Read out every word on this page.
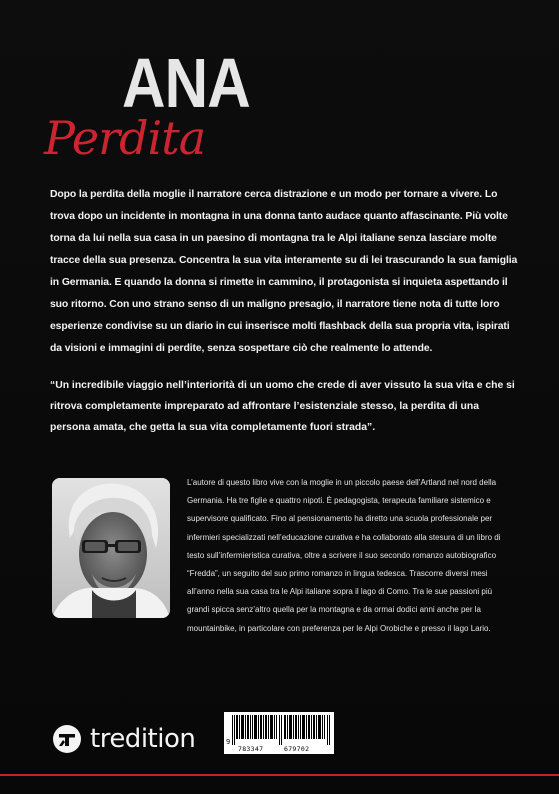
ANA
Perdita

Dopo la perdita della moglie il narratore cerca distrazione e un modo per tornare a vivere. Lo trova dopo un incidente in montagna in una donna tanto audace quanto affascinante. Più volte torna da lui nella sua casa in un paesino di montagna tra le Alpi italiane senza lasciare molte tracce della sua presenza. Concentra la sua vita interamente su di lei trascurando la sua famiglia in Germania. E quando la donna si rimette in cammino, il protagonista si inquieta aspettando il suo ritorno. Con uno strano senso di un maligno presagio, il narratore tiene nota di tutte loro esperienze condivise su un diario in cui inserisce molti flashback della sua propria vita, ispirati da visioni e immagini di perdite, senza sospettare ciò che realmente lo attende.

“Un incredibile viaggio nell’interiorità di un uomo che crede di aver vissuto la sua vita e che si ritrova completamente impreparato ad affrontare l’esistenziale stesso, la perdita di una persona amata, che getta la sua vita completamente fuori strada”.

L’autore di questo libro vive con la moglie in un piccolo paese dell’Artland nel nord della Germania. Ha tre figlie e quattro nipoti. È pedagogista, terapeuta familiare sistemico e supervisore qualificato. Fino al pensionamento ha diretto una scuola professionale per infermieri specializzati nell’educazione curativa e ha collaborato alla stesura di un libro di testo sull’infermieristica curativa, oltre a scrivere il suo secondo romanzo autobiografico “Fredda”, un seguito del suo primo romanzo in lingua tedesca. Trascorre diversi mesi all’anno nella sua casa tra le Alpi italiane sopra il lago di Como. Tra le sue passioni più grandi spicca senz’altro quella per la montagna e da ormai dodici anni anche per la mountainbike, in particolare con preferenza per le Alpi Orobiche e presso il lago Lario.

tredition	9
783347	679702
